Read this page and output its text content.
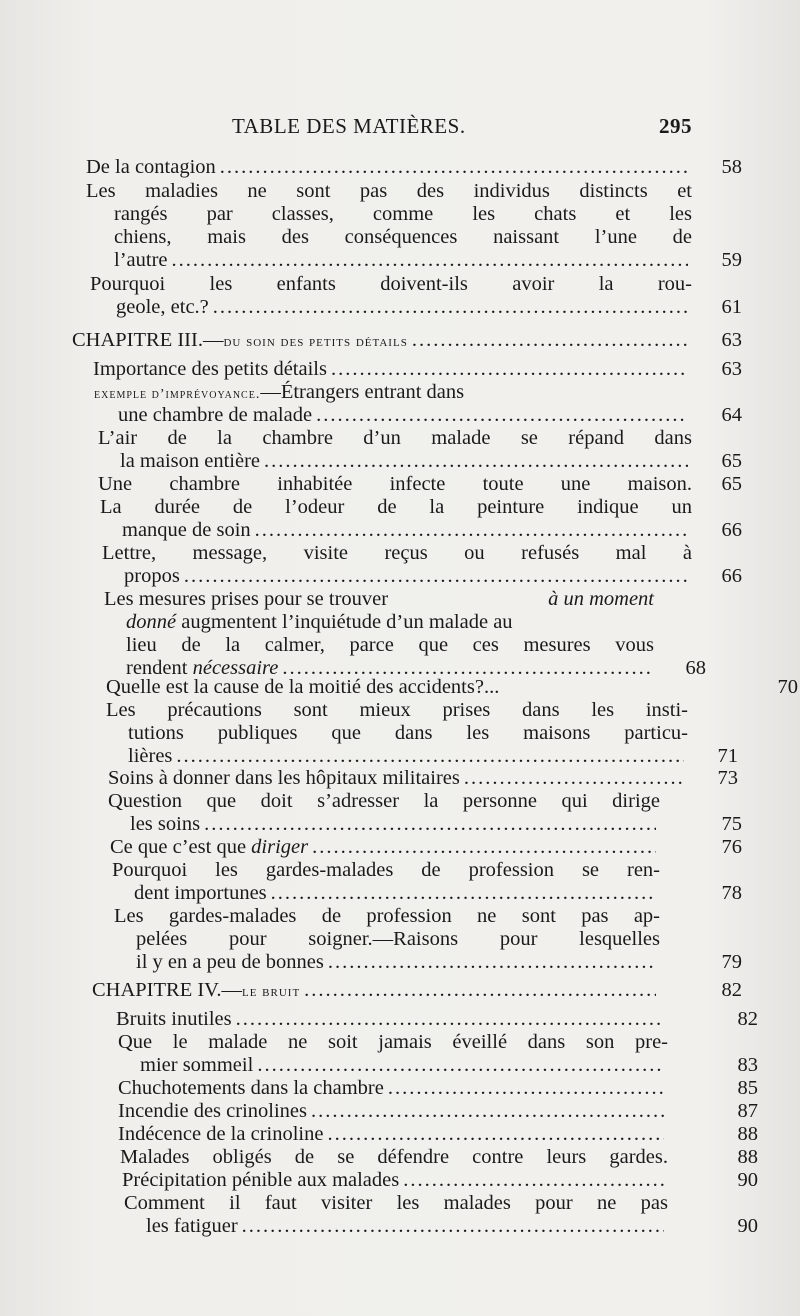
TABLE DES MATIÈRES.	295
De la contagion .....	58
Les maladies ne sont pas des individus distincts et
rangés par classes, comme les chats et les
chiens, mais des conséquences naissant l’une de
l’autre .....	59
Pourquoi les enfants doivent-ils avoir la rou-
geole, etc.? .....	61
CHAPITRE III. — du soin des petits détails .....	63
Importance des petits détails .....	63
exemple d’imprévoyance. —Étrangers entrant dans
une chambre de malade .....	64
L’air de la chambre d’un malade se répand dans
la maison entière .....	65
Une chambre inhabitée infecte toute une maison.	65
La durée de l’odeur de la peinture indique un
manque de soin .....	66
Lettre, message, visite reçus ou refusés mal à
propos .....	66
Les mesures prises pour se trouver	à un moment
donné augmentent l’inquiétude d’un malade au
lieu de la calmer, parce que ces mesures vous
rendent nécessaire .....	68
Quelle est la cause de la moitié des accidents?...	70
Les précautions sont mieux prises dans les insti-
tutions publiques que dans les maisons particu-
lières .....	71
Soins à donner dans les hôpitaux militaires .....	73
Question que doit s’adresser la personne qui dirige
les soins .....	75
Ce que c’est que diriger .....	76
Pourquoi les gardes-malades de profession se ren-
dent importunes .....	78
Les gardes-malades de profession ne sont pas ap-
pelées pour soigner.—Raisons pour lesquelles
il y en a peu de bonnes .....	79
CHAPITRE IV. — le bruit .....	82
Bruits inutiles .....	82
Que le malade ne soit jamais éveillé dans son pre-
mier sommeil .....	83
Chuchotements dans la chambre .....	85
Incendie des crinolines .....	87
Indécence de la crinoline .....	88
Malades obligés de se défendre contre leurs gardes.	88
Précipitation pénible aux malades .....	90
Comment il faut visiter les malades pour ne pas
les fatiguer .....	90
